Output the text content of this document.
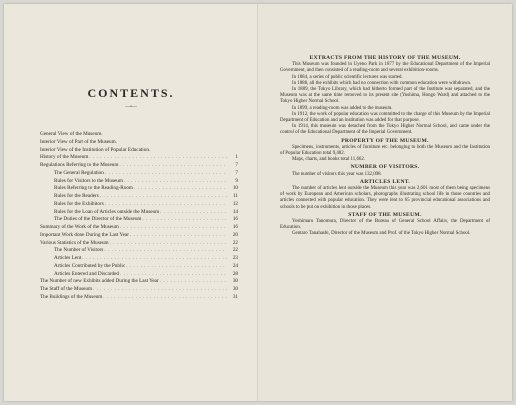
CONTENTS.
—•—
General View of the Museum.
Interior View of Part of the Museum.
Interior View of the Institution of Popular Education.
History of the Museum . . .	1
Regulations Referring to the Museum . . .	7
The General Regulation . . .	7
Rules for Visitors to the Museum . . .	9
Rules Referring to the Reading-Room . . .	10
Rules for the Readers . . .	11
Rules for the Exhibitors . . .	12
Rules for the Loan of Articles outside the Museum . . .	14
The Duties of the Director of the Museum . . .	16
Summary of the Work of the Museum . . .	16
Important Work done During the Last Year . . .	20
Various Statistics of the Museum . . .	22
The Number of Visitors . . .	22
Articles Lent . . .	23
Articles Contributed by the Public . . .	24
Articles Entered and Discarded . . .	28
The Number of new Exhibits added During the Last Year . . .	30
The Staff of the Museum . . .	30
The Buildings of the Museum . . .	31
EXTRACTS FROM THE HISTORY OF THE MUSEUM.

This Museum was founded in Uyeno Park in 1877 by the Educational Department of the Imperial Government, and then consisted of a reading-room and several exhibition-rooms.

In 1884, a series of public scientific lectures was started.

In 1888, all the exhibits which had no connection with common education were withdrawn.

In 1889, the Tokyo Library, which had hitherto formed part of the Institute was separated, and the Museum was at the same time removed to its present site (Yushima, Hongo Ward) and attached to the Tokyo Higher Normal School.

In 1899, a reading-room was added to the museum.

In 1912, the work of popular education was committed to the charge of this Museum by the Imperial Department of Education and an institution was added for that purpose.

In 1914, this museum was detached from the Tokyo Higher Normal School, and came under the control of the Educational Department of the Imperial Government.

PROPERTY OF THE MUSEUM.

Specimens, instruments, articles of furniture etc. belonging to both the Museum and the Institution of Popular Education total 9,482.

Maps, charts, and books total 11,662.

NUMBER OF VISITORS.

The number of visitors this year was 132,098.

ARTICLES LENT.

The number of articles lent outside the Museum this year was 2,601 most of them being specimens of work by European and American scholars, photographs illustrating school life in those countries and articles connected with popular education. They were lent to 65 provincial educational associations and schools to be put on exhibition in those places.

STAFF OF THE MUSEUM.

Yoshimaru Tanomura, Director of the Bureau of General School Affairs, the Department of Education.

Gentaro Tanahashi, Director of the Museum and Prof. of the Tokyo Higher Normal School.
